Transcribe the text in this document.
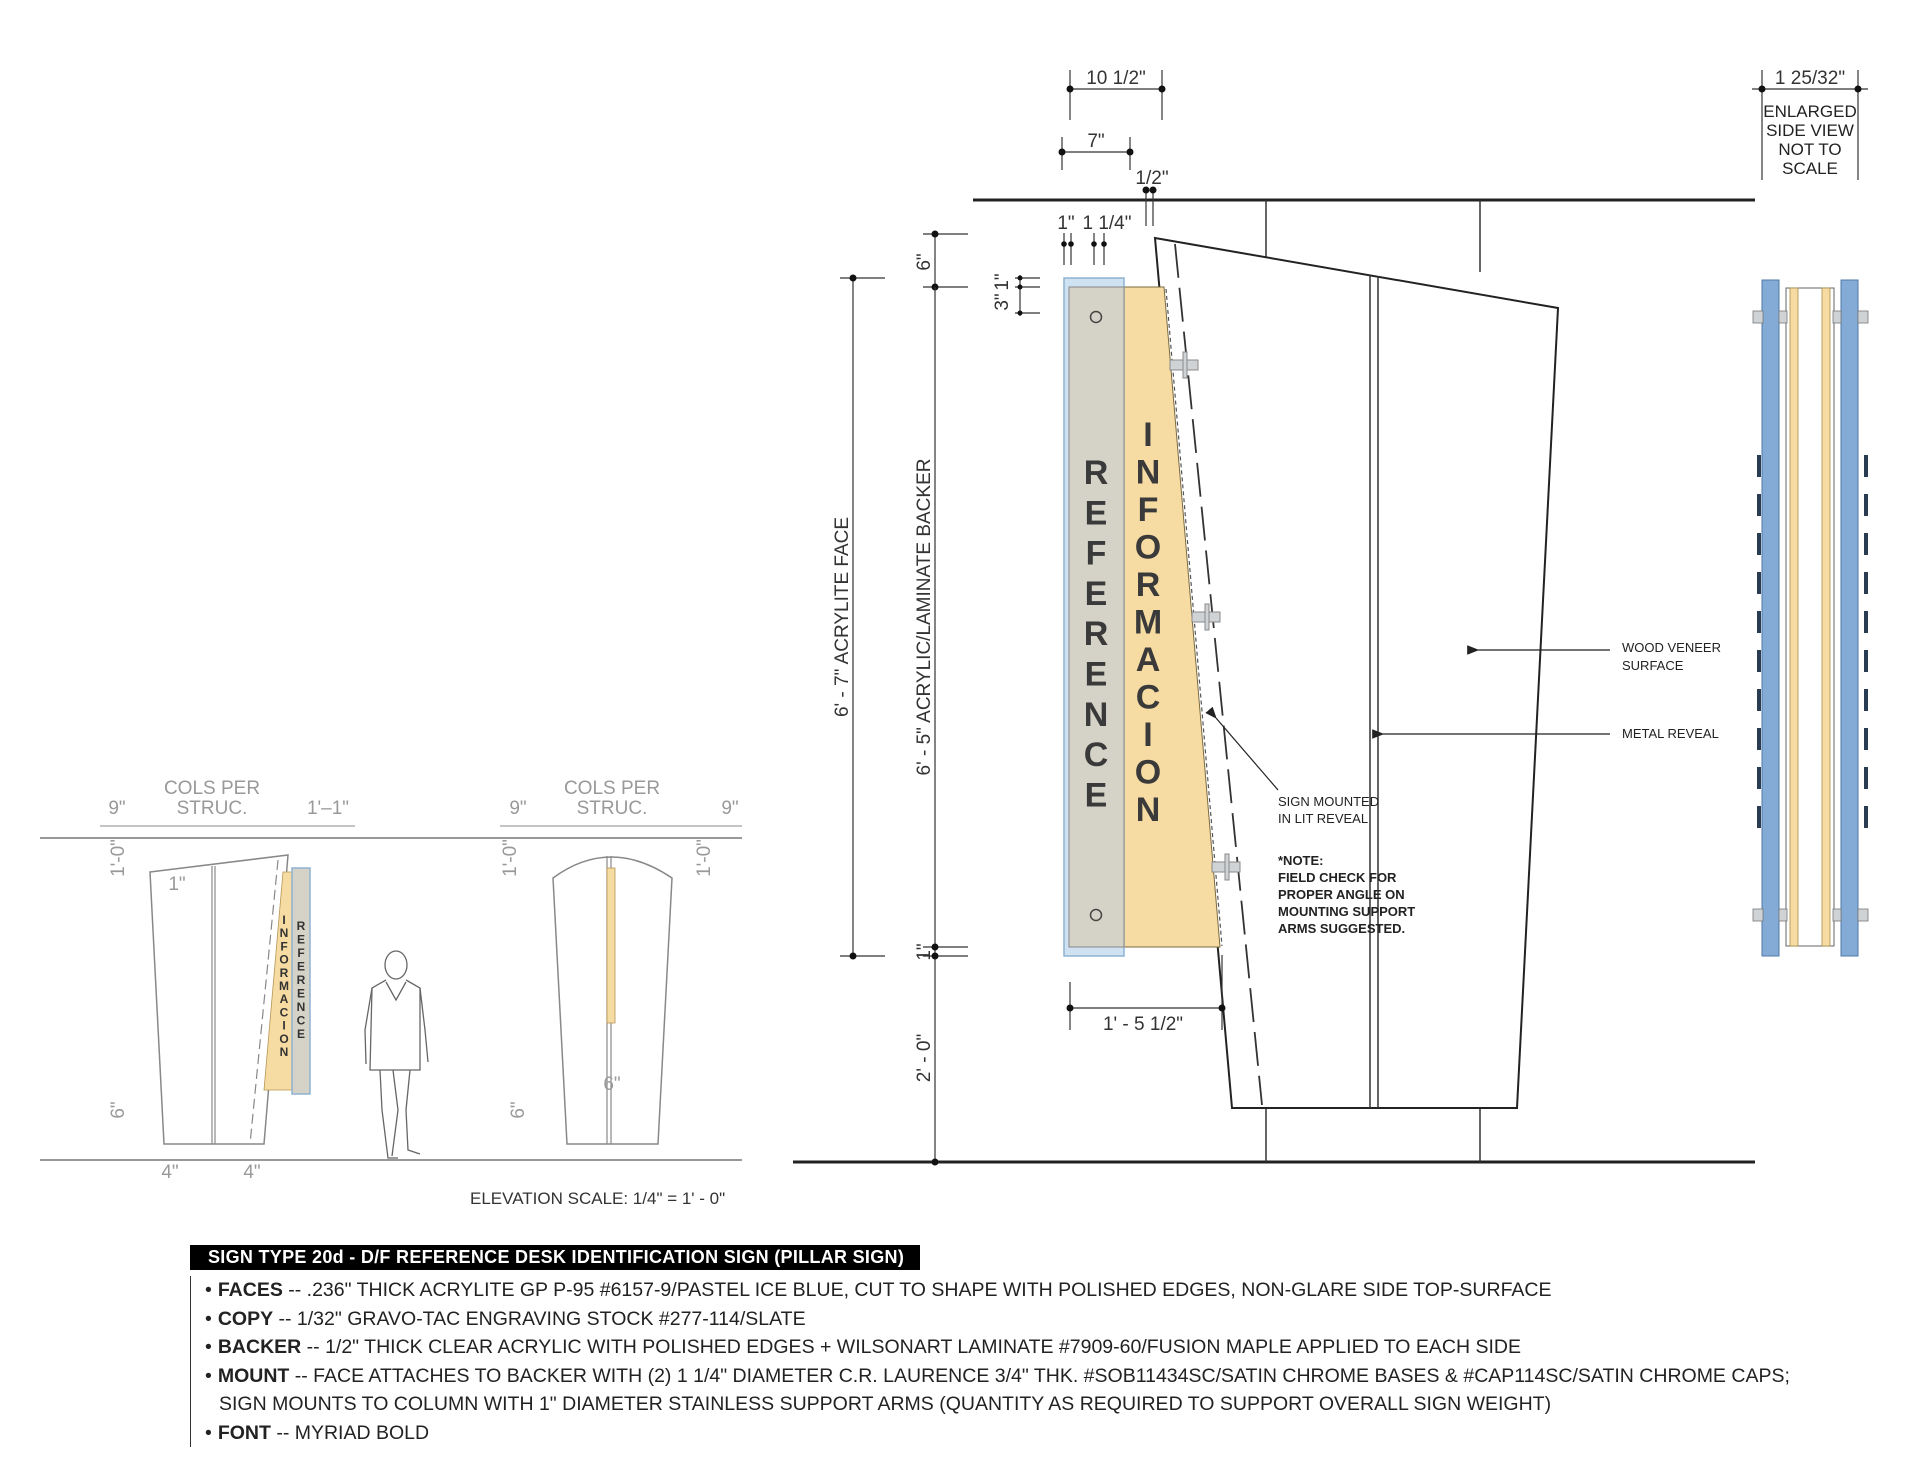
R E F E R E N C E
I N F O R M A C I O N
10 1/2"
7"
1/2"
1" 1 1/4"
6"
3"
1"
6' - 7" ACRYLITE FACE	6' - 5" ACRYLIC/LAMINATE BACKER
1"
2' - 0"
1' - 5 1/2"
WOOD VENEER
SURFACE
METAL REVEAL
SIGN MOUNTED
IN LIT REVEAL
*NOTE:
FIELD CHECK FOR
PROPER ANGLE ON
MOUNTING SUPPORT
ARMS SUGGESTED.
1 25/32"
ENLARGED
SIDE VIEW
NOT TO
SCALE
R E F E R E N C E
I N F O R M A C I O N
COLS PER
STRUC.
COLS PER
STRUC.
9"	9"	9"
1'–1"
1'-0"	1'-0"	1'-0"
1"
6"	6"
6"
4"	4"
ELEVATION SCALE: 1/4" = 1' - 0"
SIGN TYPE 20d - D/F REFERENCE DESK IDENTIFICATION SIGN (PILLAR SIGN)
• FACES -- .236" THICK ACRYLITE GP P-95 #6157-9/PASTEL ICE BLUE, CUT TO SHAPE WITH POLISHED EDGES, NON-GLARE SIDE TOP-SURFACE
• COPY -- 1/32" GRAVO-TAC ENGRAVING STOCK #277-114/SLATE
• BACKER -- 1/2" THICK CLEAR ACRYLIC WITH POLISHED EDGES + WILSONART LAMINATE #7909-60/FUSION MAPLE APPLIED TO EACH SIDE
• MOUNT -- FACE ATTACHES TO BACKER WITH (2) 1 1/4" DIAMETER C.R. LAURENCE 3/4" THK. #SOB11434SC/SATIN CHROME BASES & #CAP114SC/SATIN CHROME CAPS;
SIGN MOUNTS TO COLUMN WITH 1" DIAMETER STAINLESS SUPPORT ARMS (QUANTITY AS REQUIRED TO SUPPORT OVERALL SIGN WEIGHT)
• FONT -- MYRIAD BOLD
